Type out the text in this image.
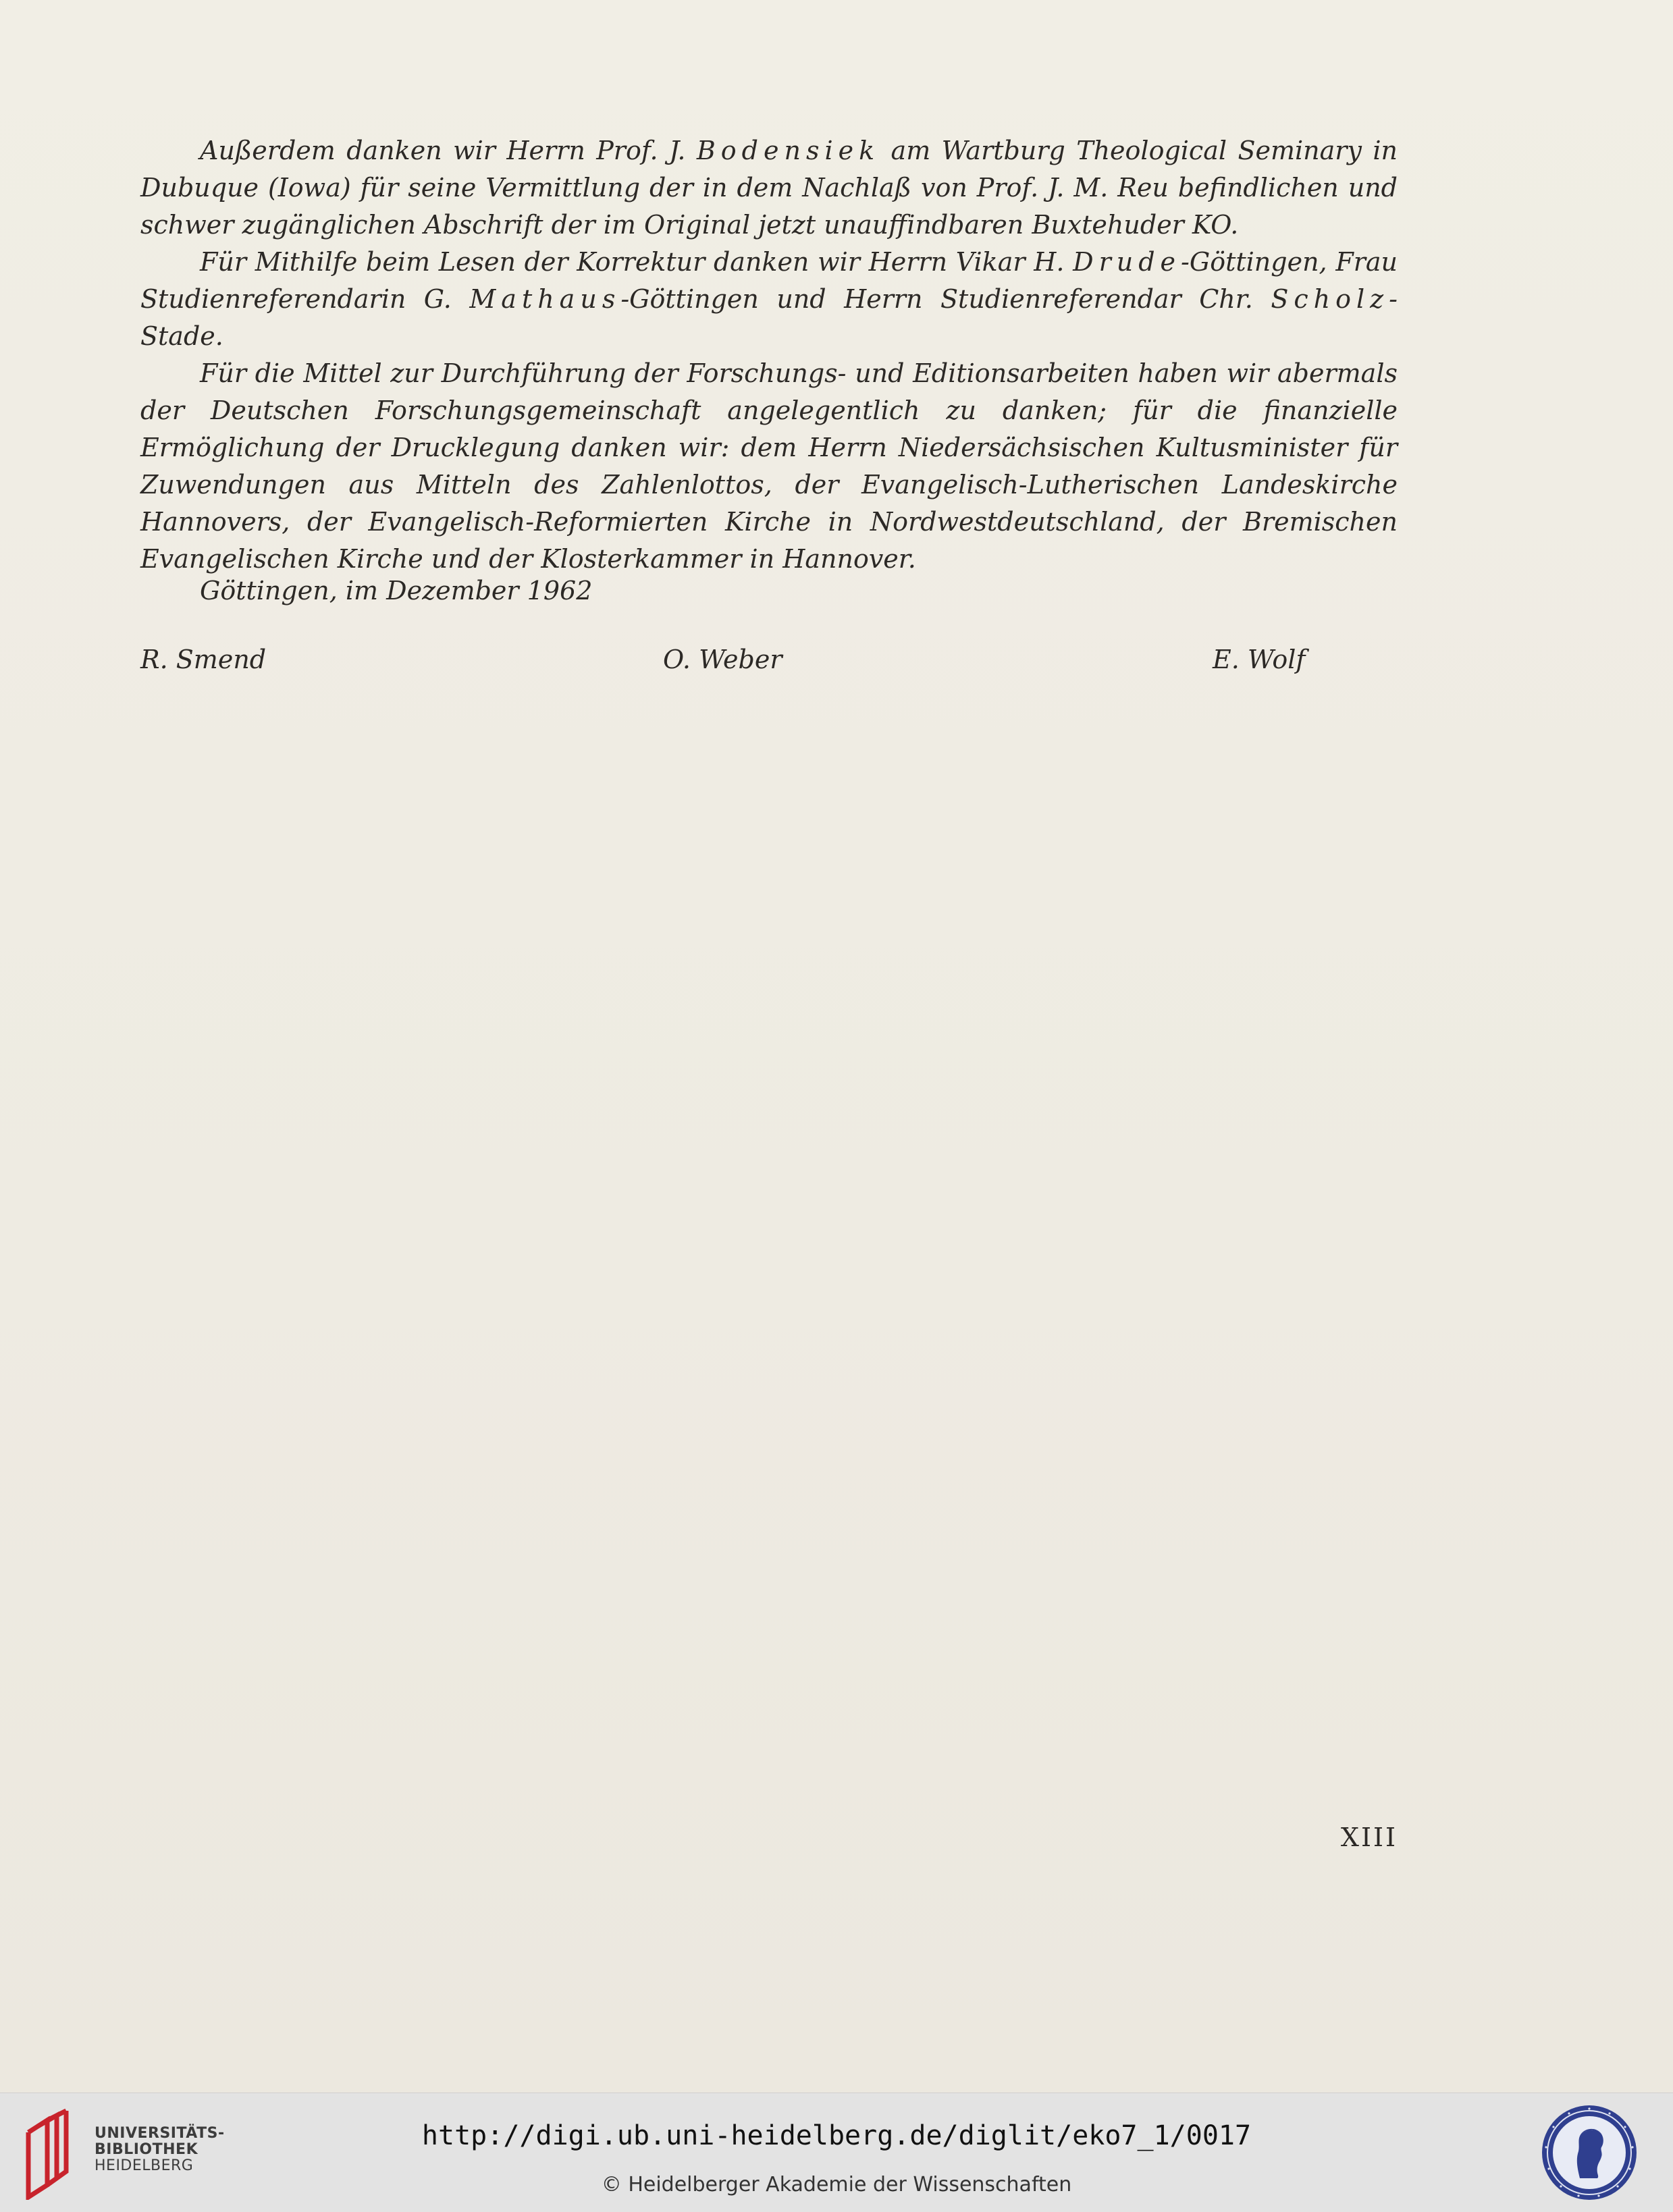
Außerdem danken wir Herrn Prof. J. Bodensiek am Wartburg Theological Seminary in Dubuque (Iowa) für seine Vermittlung der in dem Nachlaß von Prof. J. M. Reu befindlichen und schwer zugänglichen Abschrift der im Original jetzt unauffindbaren Buxtehuder KO.

Für Mithilfe beim Lesen der Korrektur danken wir Herrn Vikar H. Drude-Göttingen, Frau Studienreferendarin G. Mathaus-Göttingen und Herrn Studienreferendar Chr. Scholz-Stade.

Für die Mittel zur Durchführung der Forschungs- und Editionsarbeiten haben wir abermals der Deutschen Forschungsgemeinschaft angelegentlich zu danken; für die finanzielle Ermöglichung der Drucklegung danken wir: dem Herrn Niedersächsischen Kultusminister für Zuwendungen aus Mitteln des Zahlenlottos, der Evangelisch-Lutherischen Landeskirche Hannovers, der Evangelisch-Reformierten Kirche in Nordwestdeutschland, der Bremischen Evangelischen Kirche und der Klosterkammer in Hannover.

Göttingen, im Dezember 1962
R. Smend	O. Weber	E. Wolf
XIII
UNIVERSITÄTS-
BIBLIOTHEK
HEIDELBERG
http://digi.ub.uni-heidelberg.de/diglit/eko7_1/0017
© Heidelberger Akademie der Wissenschaften
